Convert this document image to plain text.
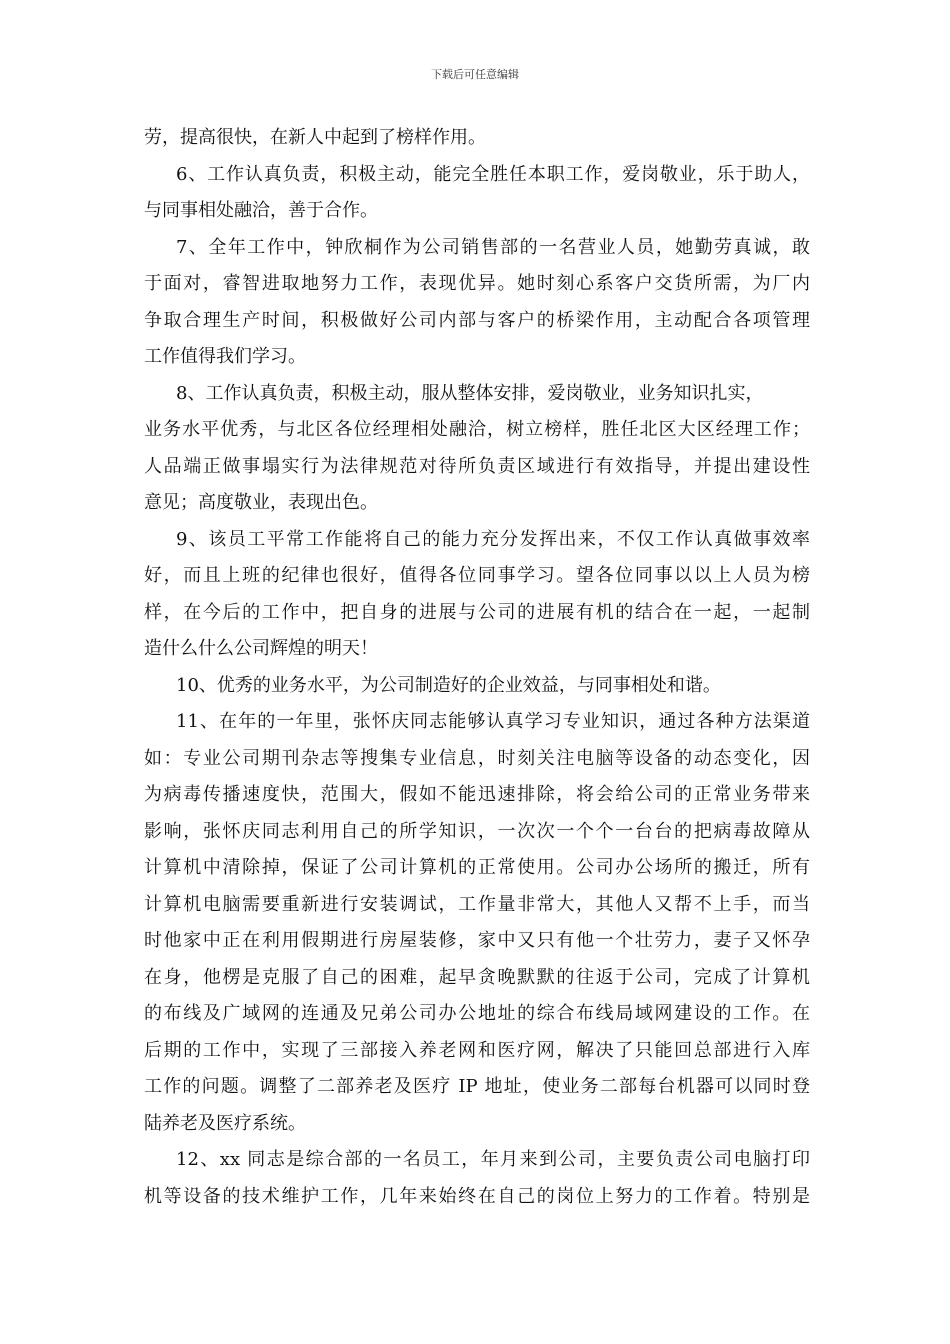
下载后可任意编辑
劳，提高很快，在新人中起到了榜样作用。
6、工作认真负责，积极主动，能完全胜任本职工作，爱岗敬业，乐于助人，
与同事相处融洽，善于合作。
7、全年工作中，钟欣桐作为公司销售部的一名营业人员，她勤劳真诚，敢
于面对，睿智进取地努力工作，表现优异。她时刻心系客户交货所需，为厂内
争取合理生产时间，积极做好公司内部与客户的桥梁作用，主动配合各项管理
工作值得我们学习。
8、工作认真负责，积极主动，服从整体安排，爱岗敬业，业务知识扎实，
业务水平优秀，与北区各位经理相处融洽，树立榜样，胜任北区大区经理工作；
人品端正做事塌实行为法律规范对待所负责区域进行有效指导，并提出建设性
意见；高度敬业，表现出色。
9、该员工平常工作能将自己的能力充分发挥出来，不仅工作认真做事效率
好，而且上班的纪律也很好，值得各位同事学习。望各位同事以以上人员为榜
样，在今后的工作中，把自身的进展与公司的进展有机的结合在一起，一起制
造什么什么公司辉煌的明天！
10、优秀的业务水平，为公司制造好的企业效益，与同事相处和谐。
11、在年的一年里，张怀庆同志能够认真学习专业知识，通过各种方法渠道
如：专业公司期刊杂志等搜集专业信息，时刻关注电脑等设备的动态变化，因
为病毒传播速度快，范围大，假如不能迅速排除，将会给公司的正常业务带来
影响，张怀庆同志利用自己的所学知识，一次次一个个一台台的把病毒故障从
计算机中清除掉，保证了公司计算机的正常使用。公司办公场所的搬迁，所有
计算机电脑需要重新进行安装调试，工作量非常大，其他人又帮不上手，而当
时他家中正在利用假期进行房屋装修，家中又只有他一个壮劳力，妻子又怀孕
在身，他楞是克服了自己的困难，起早贪晚默默的往返于公司，完成了计算机
的布线及广域网的连通及兄弟公司办公地址的综合布线局域网建设的工作。在
后期的工作中，实现了三部接入养老网和医疗网，解决了只能回总部进行入库
工作的问题。调整了二部养老及医疗 IP 地址，使业务二部每台机器可以同时登
陆养老及医疗系统。
12、xx 同志是综合部的一名员工，年月来到公司，主要负责公司电脑打印
机等设备的技术维护工作，几年来始终在自己的岗位上努力的工作着。特别是
